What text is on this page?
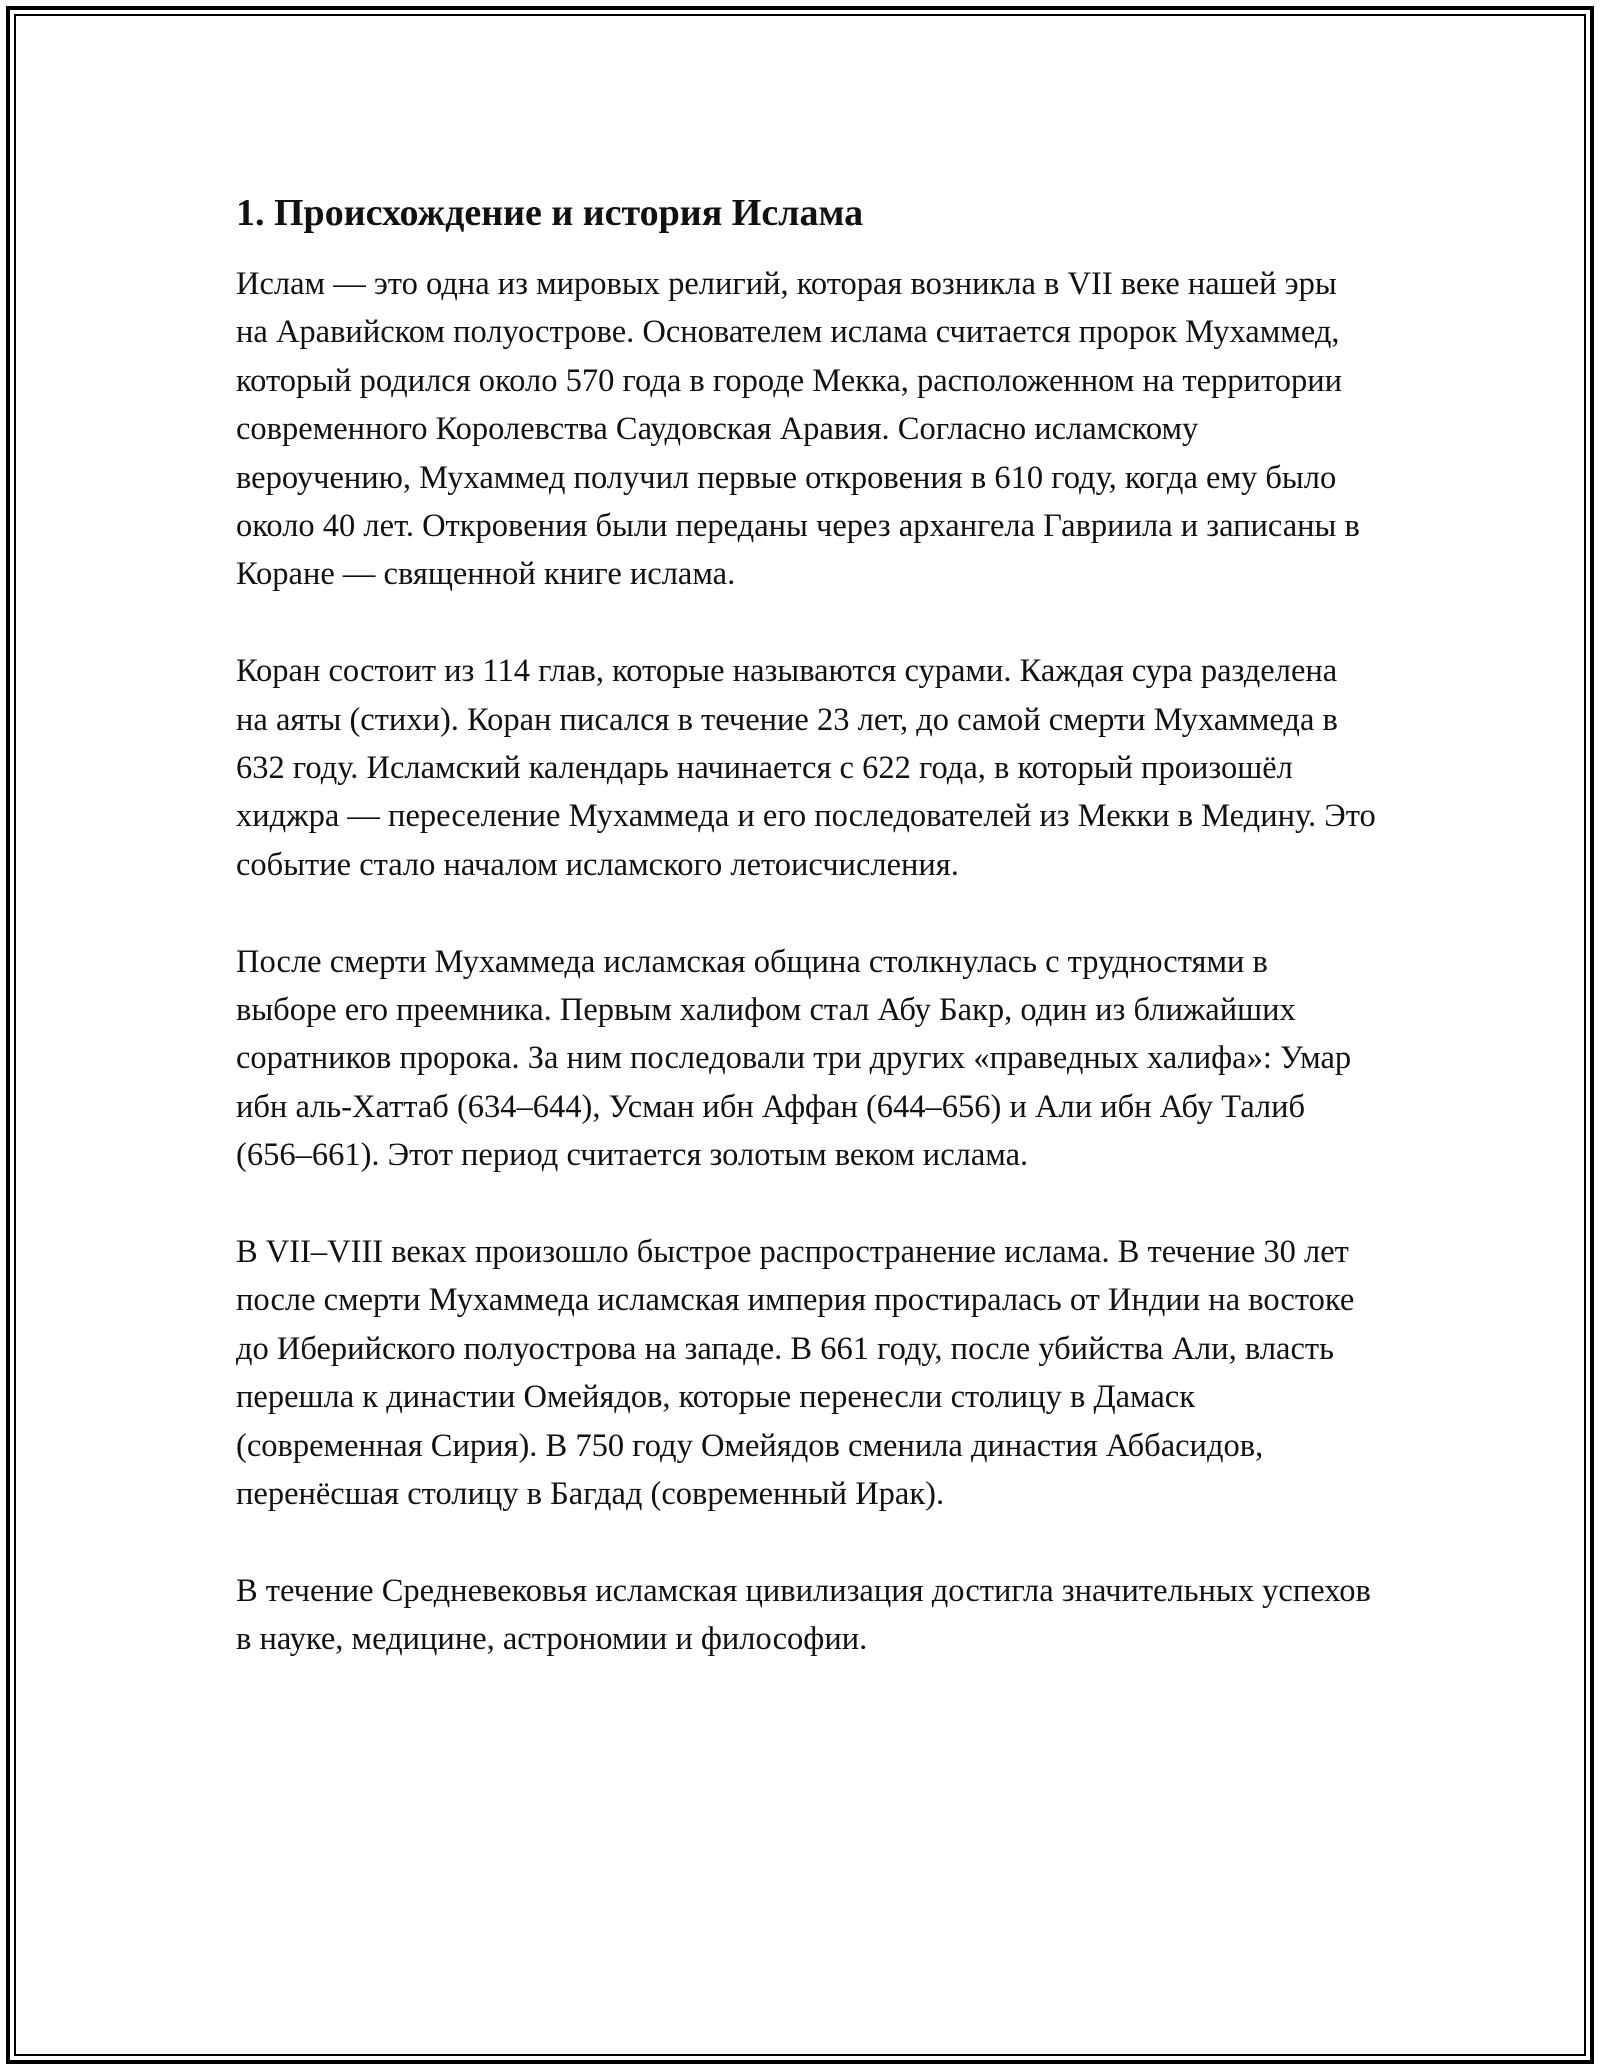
1. Происхождение и история Ислама

Ислам — это одна из мировых религий, которая возникла в VII веке нашей эры на Аравийском полуострове. Основателем ислама считается пророк Мухаммед, который родился около 570 года в городе Мекка, расположенном на территории современного Королевства Саудовская Аравия. Согласно исламскому вероучению, Мухаммед получил первые откровения в 610 году, когда ему было около 40 лет. Откровения были переданы через архангела Гавриила и записаны в Коране — священной книге ислама.

Коран состоит из 114 глав, которые называются сурами. Каждая сура разделена на аяты (стихи). Коран писался в течение 23 лет, до самой смерти Мухаммеда в 632 году. Исламский календарь начинается с 622 года, в который произошёл хиджра — переселение Мухаммеда и его последователей из Мекки в Медину. Это событие стало началом исламского летоисчисления.

После смерти Мухаммеда исламская община столкнулась с трудностями в выборе его преемника. Первым халифом стал Абу Бакр, один из ближайших соратников пророка. За ним последовали три других «праведных халифа»: Умар ибн аль-Хаттаб (634–644), Усман ибн Аффан (644–656) и Али ибн Абу Талиб (656–661). Этот период считается золотым веком ислама.

В VII–VIII веках произошло быстрое распространение ислама. В течение 30 лет после смерти Мухаммеда исламская империя простиралась от Индии на востоке до Иберийского полуострова на западе. В 661 году, после убийства Али, власть перешла к династии Омейядов, которые перенесли столицу в Дамаск (современная Сирия). В 750 году Омейядов сменила династия Аббасидов, перенёсшая столицу в Багдад (современный Ирак).

В течение Средневековья исламская цивилизация достигла значительных успехов в науке, медицине, астрономии и философии.
